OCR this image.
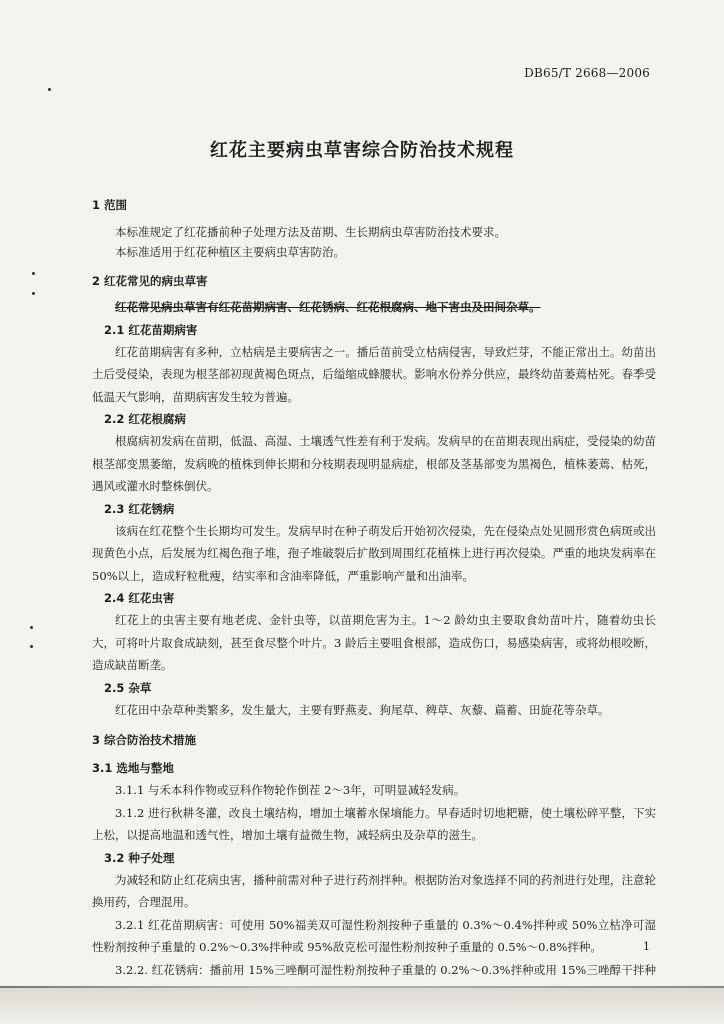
DB65/T 2668—2006
红花主要病虫草害综合防治技术规程

1 范围

本标准规定了红花播前种子处理方法及苗期、生长期病虫草害防治技术要求。

本标准适用于红花种植区主要病虫草害防治。

2 红花常见的病虫草害

红花常见病虫草害有红花苗期病害、红花锈病、红花根腐病、地下害虫及田间杂草。

2.1 红花苗期病害

红花苗期病害有多种，立枯病是主要病害之一。播后苗前受立枯病侵害，导致烂芽，不能正常出土。幼苗出土后受侵染，表现为根茎部初现黄褐色斑点，后缢缩成蜂腰状。影响水份养分供应，最终幼苗萎蔫枯死。春季受低温天气影响，苗期病害发生较为普遍。

2.2 红花根腐病

根腐病初发病在苗期，低温、高湿、土壤透气性差有利于发病。发病早的在苗期表现出病症，受侵染的幼苗根茎部变黑萎缩，发病晚的植株到伸长期和分枝期表现明显病症，根部及茎基部变为黑褐色，植株萎蔫、枯死，遇风或灌水时整株倒伏。

2.3 红花锈病

该病在红花整个生长期均可发生。发病早时在种子萌发后开始初次侵染，先在侵染点处见圆形赏色病斑或出现黄色小点，后发展为红褐色孢子堆，孢子堆破裂后扩散到周围红花植株上进行再次侵染。严重的地块发病率在50%以上，造成籽粒秕瘦，结实率和含油率降低，严重影响产量和出油率。

2.4 红花虫害

红花上的虫害主要有地老虎、金针虫等，以苗期危害为主。1～2 龄幼虫主要取食幼苗叶片，随着幼虫长大，可将叶片取食成缺刻，甚至食尽整个叶片。3 龄后主要咀食根部，造成伤口，易感染病害，或将幼根咬断，造成缺苗断垄。

2.5 杂草

红花田中杂草种类繁多，发生量大，主要有野燕麦、狗尾草、稗草、灰藜、萹蓄、田旋花等杂草。

3 综合防治技术措施

3.1 选地与整地

3.1.1 与禾本科作物或豆科作物轮作倒茬 2～3年，可明显减轻发病。

3.1.2 进行秋耕冬灌，改良土壤结构，增加土壤蓄水保墒能力。早春适时切地耙糖，使土壤松碎平整，下实上松，以提高地温和透气性，增加土壤有益微生物，减轻病虫及杂草的滋生。

3.2 种子处理

为减轻和防止红花病虫害，播种前需对种子进行药剂拌种。根据防治对象选择不同的药剂进行处理，注意轮换用药，合理混用。

3.2.1 红花苗期病害：可使用 50%福美双可湿性粉剂按种子重量的 0.3%～0.4%拌种或 50%立枯净可湿性粉剂按种子重量的 0.2%～0.3%拌种或 95%敌克松可湿性粉剂按种子重量的 0.5%～0.8%拌种。

3.2.2. 红花锈病：播前用 15%三唑酮可湿性粉剂按种子重量的 0.2%～0.3%拌种或用 15%三唑醇干拌种

1
